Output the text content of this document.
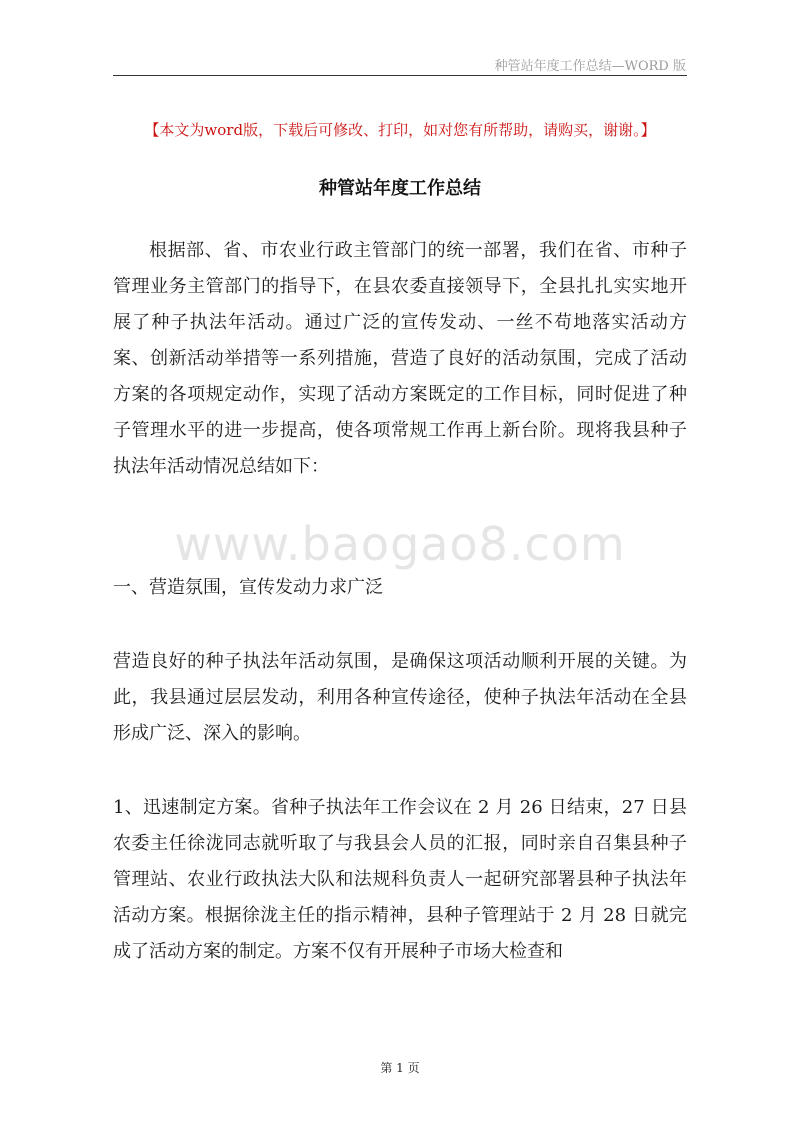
种管站年度工作总结—WORD 版
【本文为word版，下载后可修改、打印，如对您有所帮助，请购买，谢谢。】
种管站年度工作总结

根据部、省、市农业行政主管部门的统一部署，我们在省、市种子管理业务主管部门的指导下，在县农委直接领导下，全县扎扎实实地开展了种子执法年活动。通过广泛的宣传发动、一丝不苟地落实活动方案、创新活动举措等一系列措施，营造了良好的活动氛围，完成了活动方案的各项规定动作，实现了活动方案既定的工作目标，同时促进了种子管理水平的进一步提高，使各项常规工作再上新台阶。现将我县种子执法年活动情况总结如下：

www.baogao8.com

一、营造氛围，宣传发动力求广泛

营造良好的种子执法年活动氛围，是确保这项活动顺利开展的关键。为此，我县通过层层发动，利用各种宣传途径，使种子执法年活动在全县形成广泛、深入的影响。

1、迅速制定方案。省种子执法年工作会议在 2 月 26 日结束，27 日县农委主任徐泷同志就听取了与我县会人员的汇报，同时亲自召集县种子管理站、农业行政执法大队和法规科负责人一起研究部署县种子执法年活动方案。根据徐泷主任的指示精神，县种子管理站于 2 月 28 日就完成了活动方案的制定。方案不仅有开展种子市场大检查和

第 1 页
